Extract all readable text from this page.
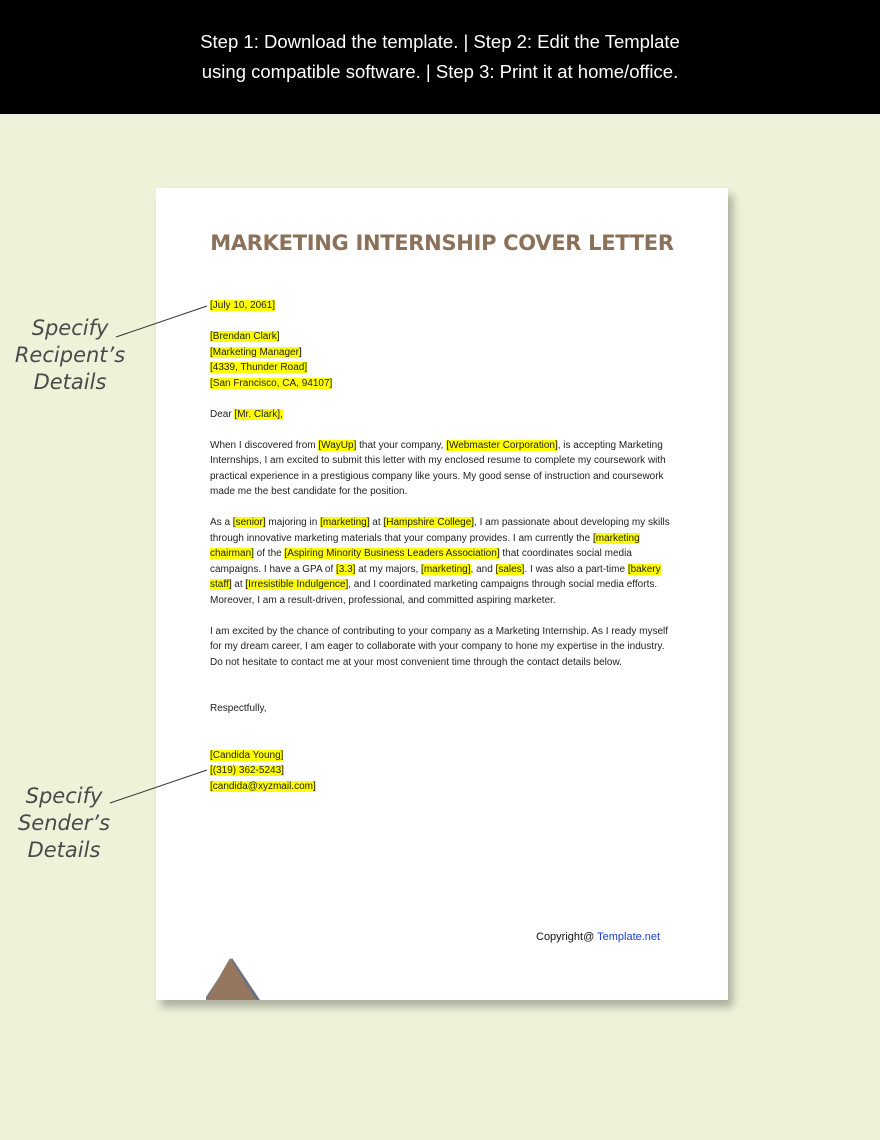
Step 1: Download the template. | Step 2: Edit the Template
using compatible software. | Step 3: Print it at home/office.
Specify
Recipent’s
Details
Specify
Sender’s
Details
MARKETING INTERNSHIP COVER LETTER
[July 10, 2061]
[Brendan Clark]
[Marketing Manager]
[4339, Thunder Road]
[San Francisco, CA, 94107]
Dear [Mr. Clark],

When I discovered from [WayUp] that your company, [Webmaster Corporation], is accepting Marketing Internships, I am excited to submit this letter with my enclosed resume to complete my coursework with practical experience in a prestigious company like yours. My good sense of instruction and coursework made me the best candidate for the position.

As a [senior] majoring in [marketing] at [Hampshire College], I am passionate about developing my skills through innovative marketing materials that your company provides. I am currently the [marketing chairman] of the [Aspiring Minority Business Leaders Association] that coordinates social media campaigns. I have a GPA of [3.3] at my majors, [marketing], and [sales]. I was also a part-time [bakery staff] at [Irresistible Indulgence], and I coordinated marketing campaigns through social media efforts. Moreover, I am a result-driven, professional, and committed aspiring marketer.

I am excited by the chance of contributing to your company as a Marketing Internship. As I ready myself for my dream career, I am eager to collaborate with your company to hone my expertise in the industry. Do not hesitate to contact me at your most convenient time through the contact details below.

Respectfully,
[Candida Young]
[(319) 362-5243]
[candida@xyzmail.com]
Copyright@ Template.net
